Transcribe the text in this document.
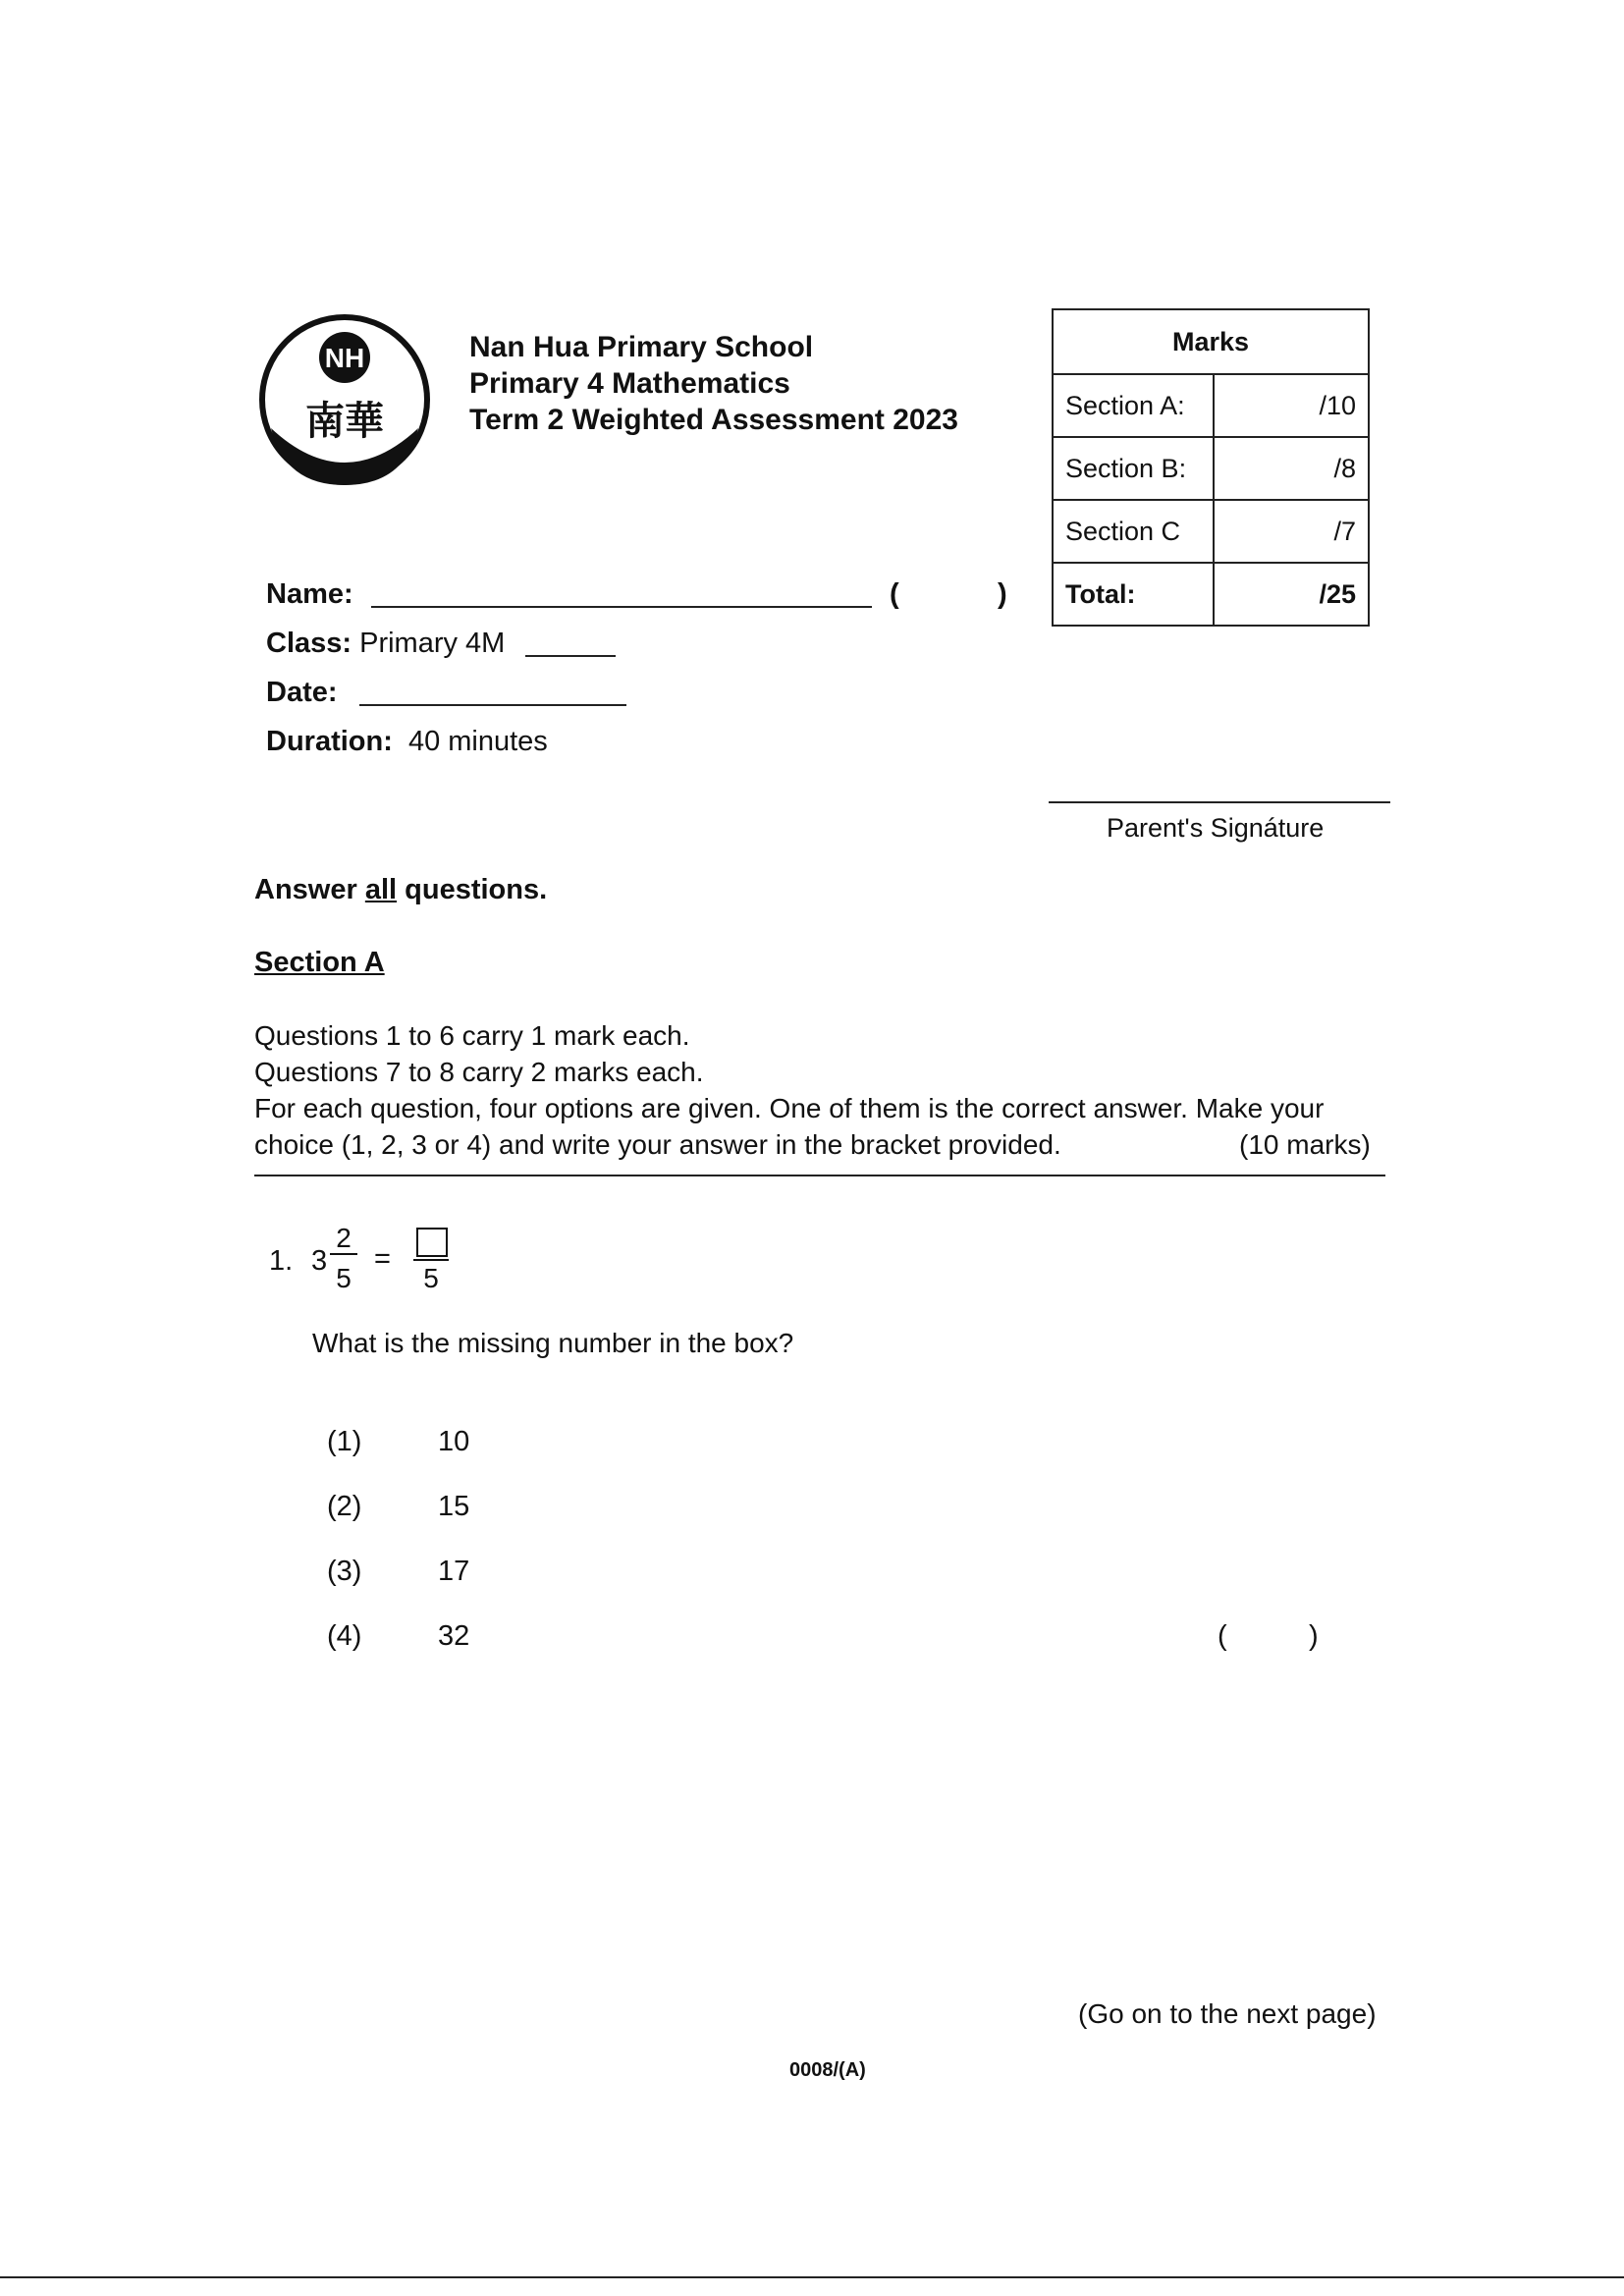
NH
南華
Nan Hua Primary School
Primary 4 Mathematics
Term 2 Weighted Assessment 2023
Marks	
Section A:	/10
Section B:	/8
Section C	/7
Total:	/25
Name:	(	)
Class: Primary 4M
Date:
Duration: 40 minutes
Parent's Signáture
Answer all questions.
Section A
Questions 1 to 6 carry 1 mark each.
Questions 7 to 8 carry 2 marks each.
For each question, four options are given. One of them is the correct answer. Make your
choice (1, 2, 3 or 4) and write your answer in the bracket provided.	(10 marks)
1. 3
2
5
=
5
What is the missing number in the box?
(1)	10
(2)	15
(3)	17
(4)	32	(	)
(Go on to the next page)
0008/(A)
